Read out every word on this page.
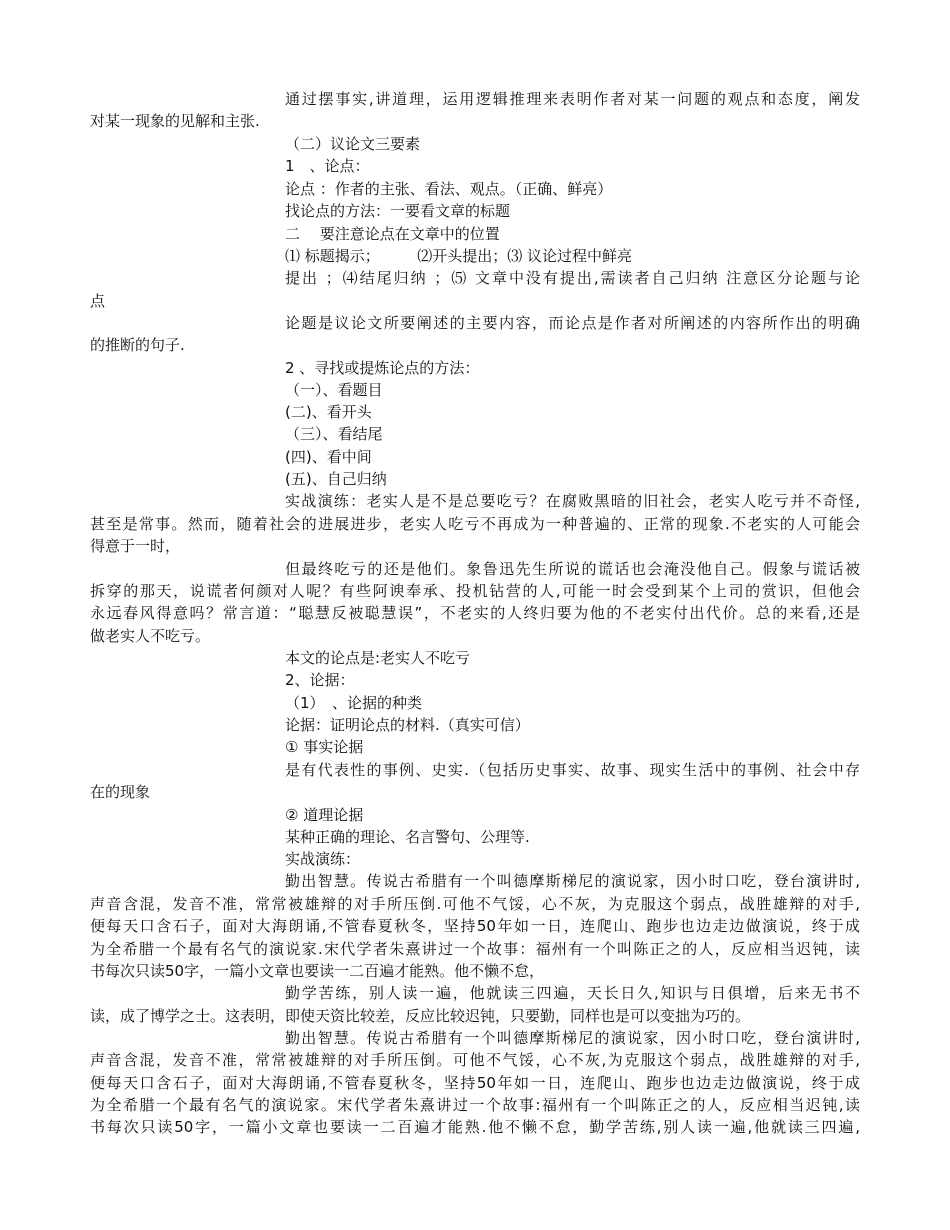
通过摆事实,讲道理，运用逻辑推理来表明作者对某一问题的观点和态度，阐发

对某一现象的见解和主张.

（二）议论文三要素

1　、论点：

论点 ：作者的主张、看法、观点。（正确、鲜亮）

找论点的方法：一要看文章的标题

二　 要注意论点在文章中的位置

⑴ 标题揭示；　　　⑵开头提出；⑶ 议论过程中鲜亮

提出 ；⑷结尾归纳 ；⑸ 文章中没有提出,需读者自己归纳 注意区分论题与论

点

论题是议论文所要阐述的主要内容，而论点是作者对所阐述的内容所作出的明确

的推断的句子.

2 、寻找或提炼论点的方法：

（一）、看题目

(二)、看开头

（三）、看结尾

(四)、看中间

(五)、自己归纳

实战演练：老实人是不是总要吃亏？在腐败黑暗的旧社会，老实人吃亏并不奇怪,

甚至是常事。然而，随着社会的进展进步，老实人吃亏不再成为一种普遍的、正常的现象.不老实的人可能会

得意于一时，

但最终吃亏的还是他们。象鲁迅先生所说的谎话也会淹没他自己。假象与谎话被

拆穿的那天，说谎者何颜对人呢？有些阿谀奉承、投机钻营的人,可能一时会受到某个上司的赏识，但他会

永远春风得意吗？常言道：“聪慧反被聪慧误”，不老实的人终归要为他的不老实付出代价。总的来看,还是

做老实人不吃亏。

本文的论点是:老实人不吃亏

2、论据：

（1）　、论据的种类

论据：证明论点的材料.（真实可信）

① 事实论据

是有代表性的事例、史实.（包括历史事实、故事、现实生活中的事例、社会中存

在的现象

② 道理论据

某种正确的理论、名言警句、公理等.

实战演练：

勤出智慧。传说古希腊有一个叫德摩斯梯尼的演说家，因小时口吃，登台演讲时,

声音含混，发音不准，常常被雄辩的对手所压倒.可他不气馁，心不灰，为克服这个弱点，战胜雄辩的对手,

便每天口含石子，面对大海朗诵,不管春夏秋冬，坚持50年如一日，连爬山、跑步也边走边做演说，终于成

为全希腊一个最有名气的演说家.宋代学者朱熹讲过一个故事：福州有一个叫陈正之的人，反应相当迟钝，读

书每次只读50字，一篇小文章也要读一二百遍才能熟。他不懒不怠，

勤学苦练，别人读一遍，他就读三四遍，天长日久,知识与日俱增，后来无书不

读，成了博学之士。这表明，即使天资比较差，反应比较迟钝，只要勤，同样也是可以变拙为巧的。

勤出智慧。传说古希腊有一个叫德摩斯梯尼的演说家，因小时口吃，登台演讲时,

声音含混，发音不准，常常被雄辩的对手所压倒。可他不气馁，心不灰,为克服这个弱点，战胜雄辩的对手,

便每天口含石子，面对大海朗诵,不管春夏秋冬，坚持50年如一日，连爬山、跑步也边走边做演说，终于成

为全希腊一个最有名气的演说家。宋代学者朱熹讲过一个故事:福州有一个叫陈正之的人，反应相当迟钝,读

书每次只读50字，一篇小文章也要读一二百遍才能熟.他不懒不怠，勤学苦练,别人读一遍,他就读三四遍,
